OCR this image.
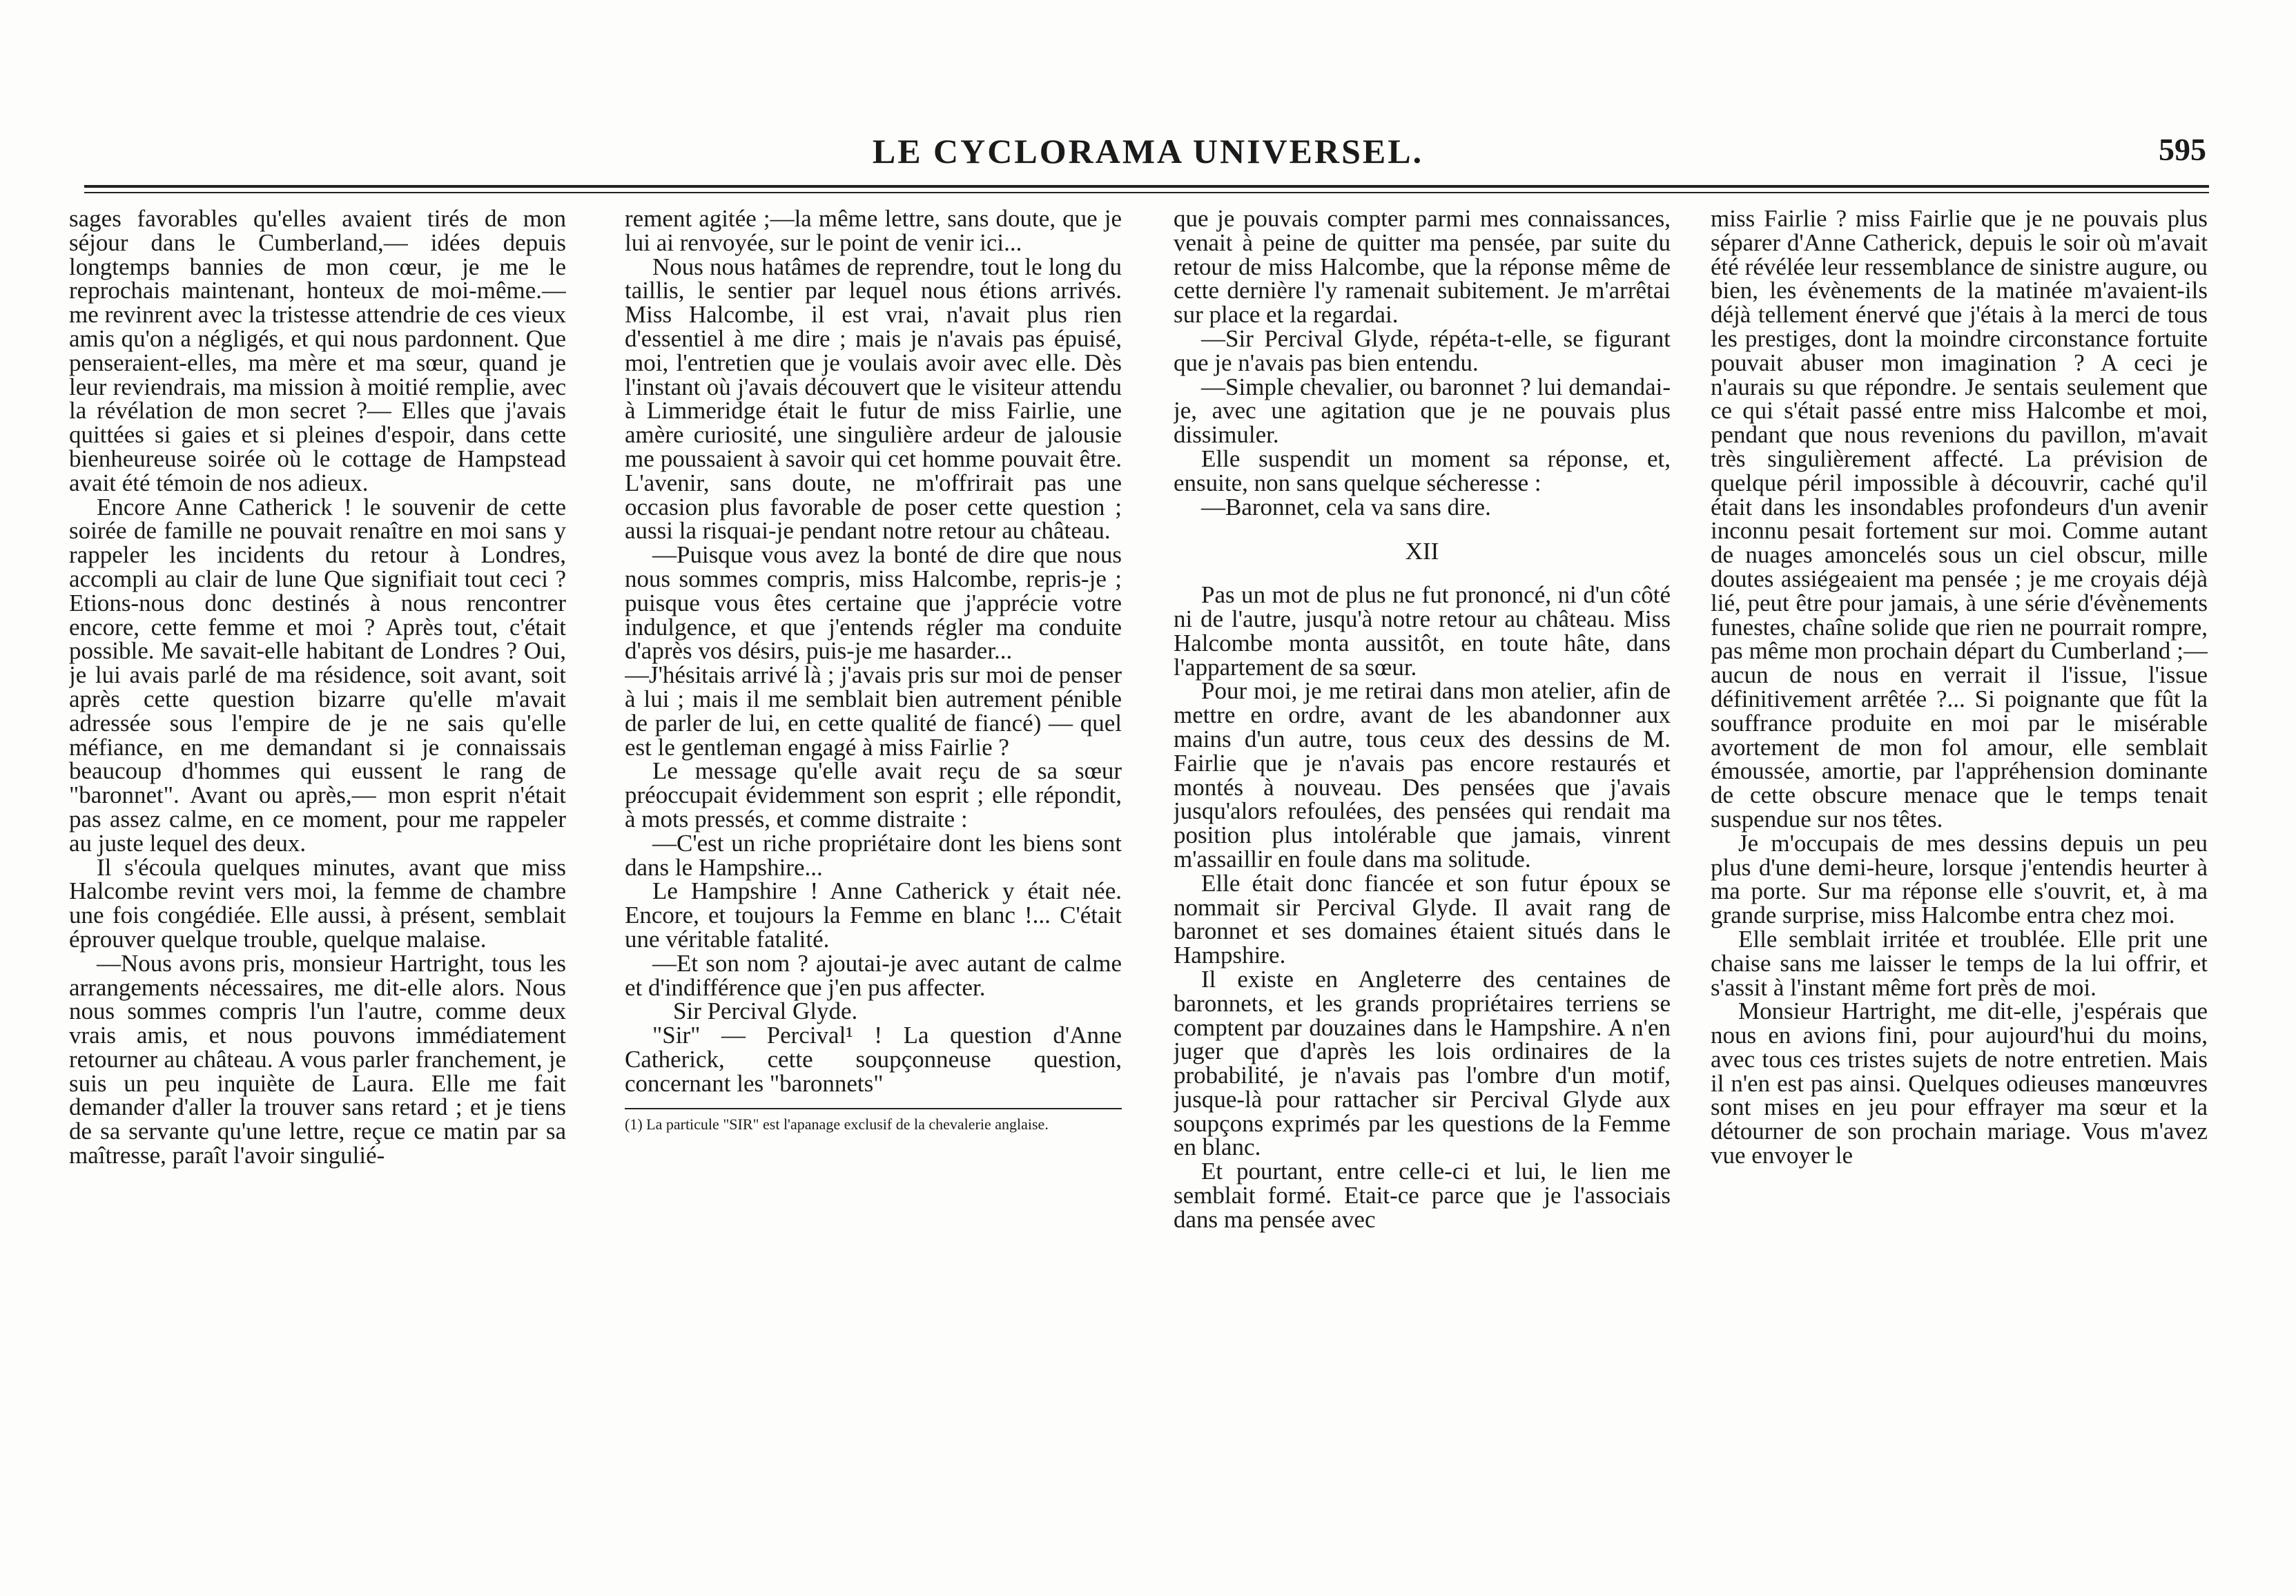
LE CYCLORAMA UNIVERSEL.	595

sages favorables qu'elles avaient tirés de mon séjour dans le Cumberland,— idées depuis longtemps bannies de mon cœur, je me le reprochais maintenant, honteux de moi-même.— me revinrent avec la tristesse attendrie de ces vieux amis qu'on a négligés, et qui nous pardonnent. Que penseraient-elles, ma mère et ma sœur, quand je leur reviendrais, ma mission à moitié remplie, avec la révélation de mon secret ?— Elles que j'avais quittées si gaies et si pleines d'espoir, dans cette bienheureuse soirée où le cottage de Hampstead avait été témoin de nos adieux.

Encore Anne Catherick ! le souvenir de cette soirée de famille ne pouvait renaître en moi sans y rappeler les incidents du retour à Londres, accompli au clair de lune Que signifiait tout ceci ? Etions-nous donc destinés à nous rencontrer encore, cette femme et moi ? Après tout, c'était possible. Me savait-elle habitant de Londres ? Oui, je lui avais parlé de ma résidence, soit avant, soit après cette question bizarre qu'elle m'avait adressée sous l'empire de je ne sais qu'elle méfiance, en me demandant si je connaissais beaucoup d'hommes qui eussent le rang de "baronnet". Avant ou après,— mon esprit n'était pas assez calme, en ce moment, pour me rappeler au juste lequel des deux.

Il s'écoula quelques minutes, avant que miss Halcombe revint vers moi, la femme de chambre une fois congédiée. Elle aussi, à présent, semblait éprouver quelque trouble, quelque malaise.

—Nous avons pris, monsieur Hartright, tous les arrangements nécessaires, me dit-elle alors. Nous nous sommes compris l'un l'autre, comme deux vrais amis, et nous pouvons immédiatement retourner au château. A vous parler franchement, je suis un peu inquiète de Laura. Elle me fait demander d'aller la trouver sans retard ; et je tiens de sa servante qu'une lettre, reçue ce matin par sa maîtresse, paraît l'avoir singulié-

rement agitée ;—la même lettre, sans doute, que je lui ai renvoyée, sur le point de venir ici...

Nous nous hatâmes de reprendre, tout le long du taillis, le sentier par lequel nous étions arrivés. Miss Halcombe, il est vrai, n'avait plus rien d'essentiel à me dire ; mais je n'avais pas épuisé, moi, l'entretien que je voulais avoir avec elle. Dès l'instant où j'avais découvert que le visiteur attendu à Limmeridge était le futur de miss Fairlie, une amère curiosité, une singulière ardeur de jalousie me poussaient à savoir qui cet homme pouvait être. L'avenir, sans doute, ne m'offrirait pas une occasion plus favorable de poser cette question ; aussi la risquai-je pendant notre retour au château.

—Puisque vous avez la bonté de dire que nous nous sommes compris, miss Halcombe, repris-je ; puisque vous êtes certaine que j'apprécie votre indulgence, et que j'entends régler ma conduite d'après vos désirs, puis-je me hasarder...

—J'hésitais arrivé là ; j'avais pris sur moi de penser à lui ; mais il me semblait bien autrement pénible de parler de lui, en cette qualité de fiancé) — quel est le gentleman engagé à miss Fairlie ?

Le message qu'elle avait reçu de sa sœur préoccupait évidemment son esprit ; elle répondit, à mots pressés, et comme distraite :

—C'est un riche propriétaire dont les biens sont dans le Hampshire...

Le Hampshire ! Anne Catherick y était née. Encore, et toujours la Femme en blanc !... C'était une véritable fatalité.

—Et son nom ? ajoutai-je avec autant de calme et d'indifférence que j'en pus affecter.

Sir Percival Glyde.

"Sir" — Percival¹ ! La question d'Anne Catherick, cette soupçonneuse question, concernant les "baronnets"

(1) La particule "SIR" est l'apanage exclusif de la chevalerie anglaise.

que je pouvais compter parmi mes connaissances, venait à peine de quitter ma pensée, par suite du retour de miss Halcombe, que la réponse même de cette dernière l'y ramenait subitement. Je m'arrêtai sur place et la regardai.

—Sir Percival Glyde, répéta-t-elle, se figurant que je n'avais pas bien entendu.

—Simple chevalier, ou baronnet ? lui demandai-je, avec une agitation que je ne pouvais plus dissimuler.

Elle suspendit un moment sa réponse, et, ensuite, non sans quelque sécheresse :

—Baronnet, cela va sans dire.

XII

Pas un mot de plus ne fut prononcé, ni d'un côté ni de l'autre, jusqu'à notre retour au château. Miss Halcombe monta aussitôt, en toute hâte, dans l'appartement de sa sœur.

Pour moi, je me retirai dans mon atelier, afin de mettre en ordre, avant de les abandonner aux mains d'un autre, tous ceux des dessins de M. Fairlie que je n'avais pas encore restaurés et montés à nouveau. Des pensées que j'avais jusqu'alors refoulées, des pensées qui rendait ma position plus intolérable que jamais, vinrent m'assaillir en foule dans ma solitude.

Elle était donc fiancée et son futur époux se nommait sir Percival Glyde. Il avait rang de baronnet et ses domaines étaient situés dans le Hampshire.

Il existe en Angleterre des centaines de baronnets, et les grands propriétaires terriens se comptent par douzaines dans le Hampshire. A n'en juger que d'après les lois ordinaires de la probabilité, je n'avais pas l'ombre d'un motif, jusque-là pour rattacher sir Percival Glyde aux soupçons exprimés par les questions de la Femme en blanc.

Et pourtant, entre celle-ci et lui, le lien me semblait formé. Etait-ce parce que je l'associais dans ma pensée avec

miss Fairlie ? miss Fairlie que je ne pouvais plus séparer d'Anne Catherick, depuis le soir où m'avait été révélée leur ressemblance de sinistre augure, ou bien, les évènements de la matinée m'avaient-ils déjà tellement énervé que j'étais à la merci de tous les prestiges, dont la moindre circonstance fortuite pouvait abuser mon imagination ? A ceci je n'aurais su que répondre. Je sentais seulement que ce qui s'était passé entre miss Halcombe et moi, pendant que nous revenions du pavillon, m'avait très singulièrement affecté. La prévision de quelque péril impossible à découvrir, caché qu'il était dans les insondables profondeurs d'un avenir inconnu pesait fortement sur moi. Comme autant de nuages amoncelés sous un ciel obscur, mille doutes assiégeaient ma pensée ; je me croyais déjà lié, peut être pour jamais, à une série d'évènements funestes, chaîne solide que rien ne pourrait rompre, pas même mon prochain départ du Cumberland ;— aucun de nous en verrait il l'issue, l'issue définitivement arrêtée ?... Si poignante que fût la souffrance produite en moi par le misérable avortement de mon fol amour, elle semblait émoussée, amortie, par l'appréhension dominante de cette obscure menace que le temps tenait suspendue sur nos têtes.

Je m'occupais de mes dessins depuis un peu plus d'une demi-heure, lorsque j'entendis heurter à ma porte. Sur ma réponse elle s'ouvrit, et, à ma grande surprise, miss Halcombe entra chez moi.

Elle semblait irritée et troublée. Elle prit une chaise sans me laisser le temps de la lui offrir, et s'assit à l'instant même fort près de moi.

Monsieur Hartright, me dit-elle, j'espérais que nous en avions fini, pour aujourd'hui du moins, avec tous ces tristes sujets de notre entretien. Mais il n'en est pas ainsi. Quelques odieuses manœuvres sont mises en jeu pour effrayer ma sœur et la détourner de son prochain mariage. Vous m'avez vue envoyer le
